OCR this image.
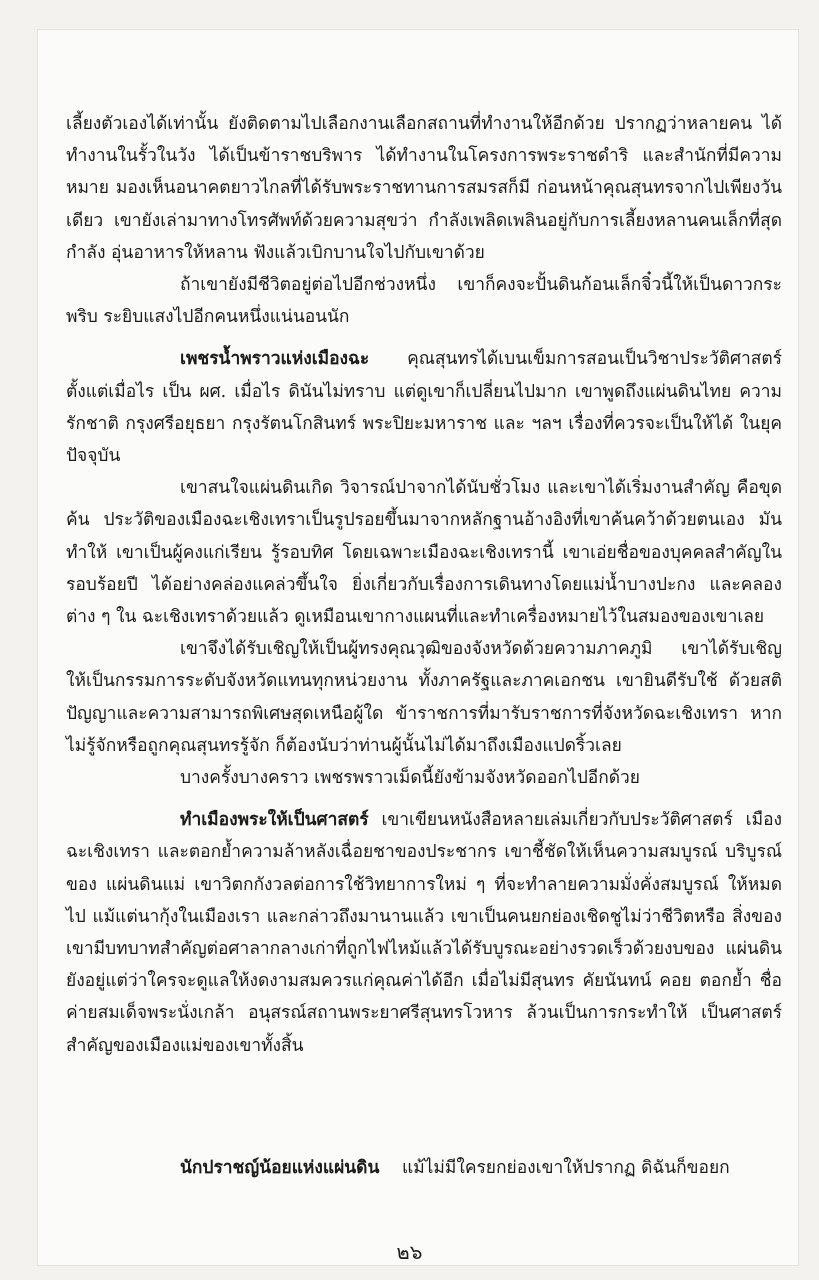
เลี้ยงตัวเองได้เท่านั้น ยังติดตามไปเลือกงานเลือกสถานที่ทำงานให้อีกด้วย ปรากฏว่าหลายคน ได้ทำงานในรั้วในวัง ได้เป็นข้าราชบริพาร ได้ทำงานในโครงการพระราชดำริ และสำนักที่มีความหมาย มองเห็นอนาคตยาวไกลที่ได้รับพระราชทานการสมรสก็มี ก่อนหน้าคุณสุนทรจากไปเพียงวันเดียว เขายังเล่ามาทางโทรศัพท์ด้วยความสุขว่า กำลังเพลิดเพลินอยู่กับการเลี้ยงหลานคนเล็กที่สุด กำลัง อุ่นอาหารให้หลาน ฟังแล้วเบิกบานใจไปกับเขาด้วย

ถ้าเขายังมีชีวิตอยู่ต่อไปอีกช่วงหนึ่ง เขาก็คงจะปั้นดินก้อนเล็กจิ๋วนี้ให้เป็นดาวกระพริบ ระยิบแสงไปอีกคนหนึ่งแน่นอนนัก

เพชรน้ำพราวแห่งเมืองฉะ คุณสุนทรได้เบนเข็มการสอนเป็นวิชาประวัติศาสตร์ ตั้งแต่เมื่อไร เป็น ผศ. เมื่อไร ดินันไม่ทราบ แต่ดูเขาก็เปลี่ยนไปมาก เขาพูดถึงแผ่นดินไทย ความรักชาติ กรุงศรีอยุธยา กรุงรัตนโกสินทร์ พระปิยะมหาราช และ ฯลฯ เรื่องที่ควรจะเป็นให้ได้ ในยุคปัจจุบัน

เขาสนใจแผ่นดินเกิด วิจารณ์ปาจากได้นับชั่วโมง และเขาได้เริ่มงานสำคัญ คือขุดค้น ประวัติของเมืองฉะเชิงเทราเป็นรูปรอยขึ้นมาจากหลักฐานอ้างอิงที่เขาค้นคว้าด้วยตนเอง มันทำให้ เขาเป็นผู้คงแก่เรียน รู้รอบทิศ โดยเฉพาะเมืองฉะเชิงเทรานี้ เขาเอ่ยชื่อของบุคคลสำคัญในรอบร้อยปี ได้อย่างคล่องแคล่วขึ้นใจ ยิ่งเกี่ยวกับเรื่องการเดินทางโดยแม่น้ำบางปะกง และคลองต่าง ๆ ใน ฉะเชิงเทราด้วยแล้ว ดูเหมือนเขากางแผนที่และทำเครื่องหมายไว้ในสมองของเขาเลย

เขาจึงได้รับเชิญให้เป็นผู้ทรงคุณวุฒิของจังหวัดด้วยความภาคภูมิ เขาได้รับเชิญ ให้เป็นกรรมการระดับจังหวัดแทนทุกหน่วยงาน ทั้งภาครัฐและภาคเอกชน เขายินดีรับใช้ ด้วยสติปัญญาและความสามารถพิเศษสุดเหนือผู้ใด ข้าราชการที่มารับราชการที่จังหวัดฉะเชิงเทรา หากไม่รู้จักหรือถูกคุณสุนทรรู้จัก ก็ต้องนับว่าท่านผู้นั้นไม่ได้มาถึงเมืองแปดริ้วเลย

บางครั้งบางคราว เพชรพราวเม็ดนี้ยังข้ามจังหวัดออกไปอีกด้วย

ทำเมืองพระให้เป็นศาสตร์ เขาเขียนหนังสือหลายเล่มเกี่ยวกับประวัติศาสตร์ เมืองฉะเชิงเทรา และตอกย้ำความล้าหลังเฉื่อยชาของประชากร เขาชี้ชัดให้เห็นความสมบูรณ์ บริบูรณ์ของ แผ่นดินแม่ เขาวิตกกังวลต่อการใช้วิทยาการใหม่ ๆ ที่จะทำลายความมั่งคั่งสมบูรณ์ ให้หมดไป แม้แต่นากุ้งในเมืองเรา และกล่าวถึงมานานแล้ว เขาเป็นคนยกย่องเชิดชูไม่ว่าชีวิตหรือ สิ่งของ เขามีบทบาทสำคัญต่อศาลากลางเก่าที่ถูกไฟไหม้แล้วได้รับบูรณะอย่างรวดเร็วด้วยงบของ แผ่นดิน ยังอยู่แต่ว่าใครจะดูแลให้งดงามสมควรแก่คุณค่าได้อีก เมื่อไม่มีสุนทร คัยนันทน์ คอย ตอกย้ำ ชื่อค่ายสมเด็จพระนั่งเกล้า อนุสรณ์สถานพระยาศรีสุนทรโวหาร ล้วนเป็นการกระทำให้ เป็นศาสตร์สำคัญของเมืองแม่ของเขาทั้งสิ้น

นักปราชญ์น้อยแห่งแผ่นดิน แม้ไม่มีใครยกย่องเขาให้ปรากฏ ดิฉันก็ขอยก
๒๖
